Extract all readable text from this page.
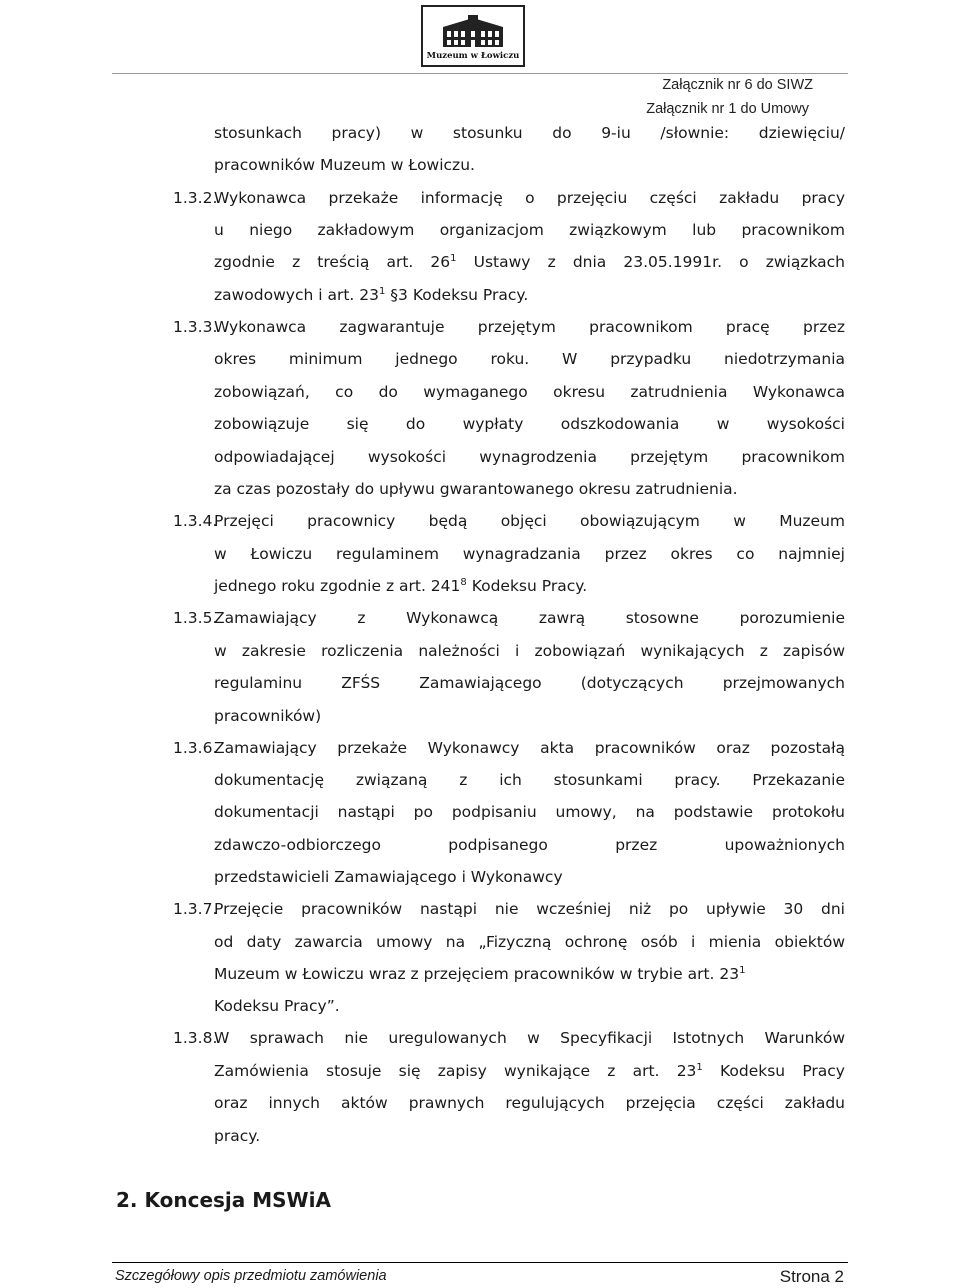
Muzeum w Łowiczu
Załącznik nr 6 do SIWZ
Załącznik nr 1 do Umowy
stosunkach pracy) w stosunku do 9-iu /słownie: dziewięciu/
pracowników Muzeum w Łowiczu.
1.3.2.
Wykonawca przekaże informację o przejęciu części zakładu pracy
u niego zakładowym organizacjom związkowym lub pracownikom
zgodnie z treścią art. $26^1$ Ustawy z dnia 23.05.1991r. o związkach
zawodowych i art. $23^1$ §3 Kodeksu Pracy.
1.3.3.
Wykonawca zagwarantuje przejętym pracownikom pracę przez
okres minimum jednego roku. W przypadku niedotrzymania
zobowiązań, co do wymaganego okresu zatrudnienia Wykonawca
zobowiązuje się do wypłaty odszkodowania w wysokości
odpowiadającej wysokości wynagrodzenia przejętym pracownikom
za czas pozostały do upływu gwarantowanego okresu zatrudnienia.
1.3.4.
Przejęci pracownicy będą objęci obowiązującym w Muzeum
w Łowiczu regulaminem wynagradzania przez okres co najmniej
jednego roku zgodnie z art. $241^8$ Kodeksu Pracy.
1.3.5.
Zamawiający z Wykonawcą zawrą stosowne porozumienie
w zakresie rozliczenia należności i zobowiązań wynikających z zapisów
regulaminu ZFŚS Zamawiającego (dotyczących przejmowanych
pracowników)
1.3.6.
Zamawiający przekaże Wykonawcy akta pracowników oraz pozostałą
dokumentację związaną z ich stosunkami pracy. Przekazanie
dokumentacji nastąpi po podpisaniu umowy, na podstawie protokołu
zdawczo-odbiorczego podpisanego przez upoważnionych
przedstawicieli Zamawiającego i Wykonawcy
1.3.7.
Przejęcie pracowników nastąpi nie wcześniej niż po upływie 30 dni
od daty zawarcia umowy na „Fizyczną ochronę osób i mienia obiektów
Muzeum w Łowiczu wraz z przejęciem pracowników w trybie art. $23^1$
Kodeksu Pracy”.
1.3.8.
W sprawach nie uregulowanych w Specyfikacji Istotnych Warunków
Zamówienia stosuje się zapisy wynikające z art. $23^1$ Kodeksu Pracy
oraz innych aktów prawnych regulujących przejęcia części zakładu
pracy.
2. Koncesja MSWiA
Szczegółowy opis przedmiotu zamówienia	Strona 2
